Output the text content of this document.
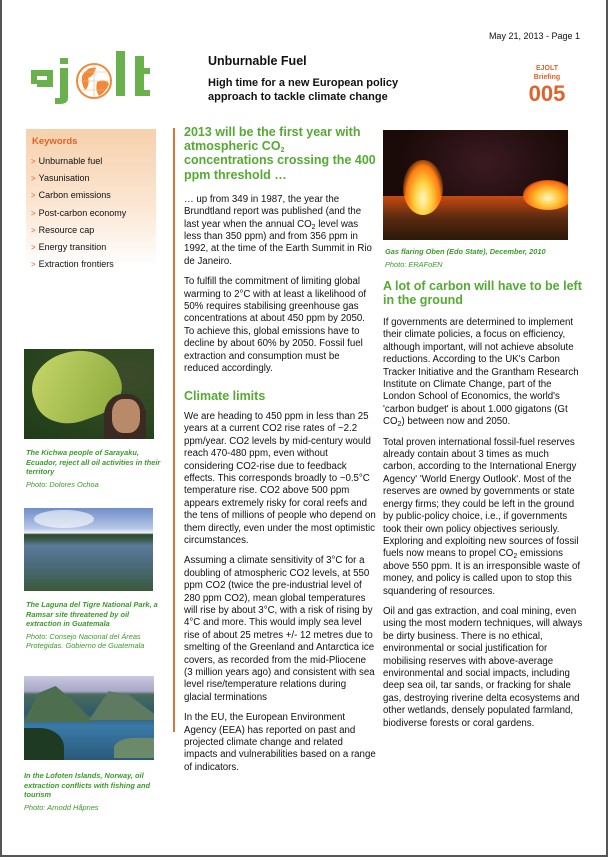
May 21, 2013 - Page 1
Unburnable Fuel
High time for a new European policy approach to tackle climate change
EJOLT
Briefing
005
Keywords
> Unburnable fuel
> Yasunisation
> Carbon emissions
> Post-carbon economy
> Resource cap
> Energy transition
> Extraction frontiers
The Kichwa people of Sarayaku, Ecuador, reject all oil activities in their territory
Photo: Dolores Ochoa
The Laguna del Tigre National Park, a Ramsar site threatened by oil extraction in Guatemala
Photo: Consejo Nacional del Áreas Protegidas. Gobierno de Guatemala
In the Lofoten Islands, Norway, oil extraction conflicts with fishing and tourism
Photo: Arnodd Håpnes
2013 will be the first year with atmospheric $CO_2$ concentrations crossing the 400 ppm threshold …

… up from 349 in 1987, the year the Brundtland report was published (and the last year when the annual $CO_2$ level was less than 350 ppm) and from 356 ppm in 1992, at the time of the Earth Summit in Rio de Janeiro.

To fulfill the commitment of limiting global warming to 2°C with at least a likelihood of 50% requires stabilising greenhouse gas concentrations at about 450 ppm by 2050. To achieve this, global emissions have to decline by about 60% by 2050. Fossil fuel extraction and consumption must be reduced accordingly.

Climate limits

We are heading to 450 ppm in less than 25 years at a current CO2 rise rates of ~2.2 ppm/year. CO2 levels by mid-century would reach 470-480 ppm, even without considering CO2-rise due to feedback effects. This corresponds broadly to ~0.5°C temperature rise. CO2 above 500 ppm appears extremely risky for coral reefs and the tens of millions of people who depend on them directly, even under the most optimistic circumstances.

Assuming a climate sensitivity of 3°C for a doubling of atmospheric CO2 levels, at 550 ppm CO2 (twice the pre-industrial level of 280 ppm CO2), mean global temperatures will rise by about 3°C, with a risk of rising by 4°C and more. This would imply sea level rise of about 25 metres +/- 12 metres due to smelting of the Greenland and Antarctica ice covers, as recorded from the mid-Pliocene (3 million years ago) and consistent with sea level rise/temperature relations during glacial terminations

In the EU, the European Environment Agency (EEA) has reported on past and projected climate change and related impacts and vulnerabilities based on a range of indicators.

Gas flaring Oben (Edo State), December, 2010
Photo: ERAFoEN
A lot of carbon will have to be left in the ground

If governments are determined to implement their climate policies, a focus on efficiency, although important, will not achieve absolute reductions. According to the UK's Carbon Tracker Initiative and the Grantham Research Institute on Climate Change, part of the London School of Economics, the world's 'carbon budget' is about 1.000 gigatons (Gt $CO_2$) between now and 2050.

Total proven international fossil-fuel reserves already contain about 3 times as much carbon, according to the International Energy Agency' 'World Energy Outlook'. Most of the reserves are owned by governments or state energy firms; they could be left in the ground by public-policy choice, i.e., if governments took their own policy objectives seriously. Exploring and exploiting new sources of fossil fuels now means to propel $CO_2$ emissions above 550 ppm. It is an irresponsible waste of money, and policy is called upon to stop this squandering of resources.

Oil and gas extraction, and coal mining, even using the most modern techniques, will always be dirty business. There is no ethical, environmental or social justification for mobilising reserves with above-average environmental and social impacts, including deep sea oil, tar sands, or fracking for shale gas, destroying riverine delta ecosystems and other wetlands, densely populated farmland, biodiverse forests or coral gardens.
